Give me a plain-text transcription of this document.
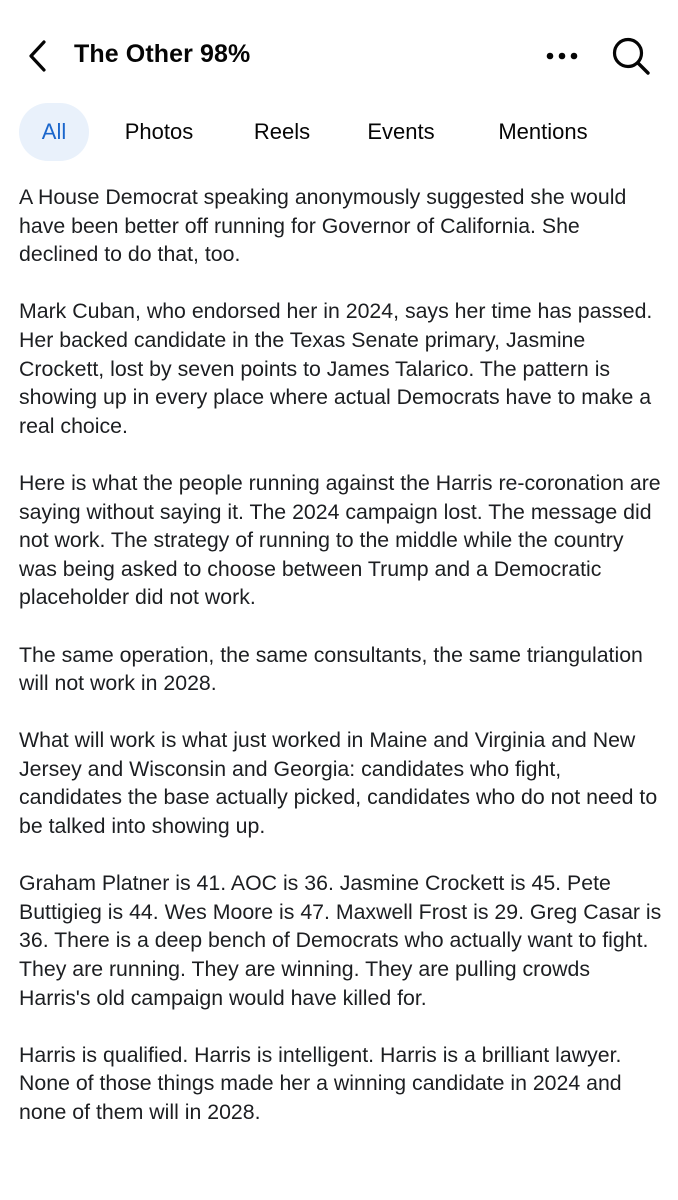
The Other 98%
All	Photos	Reels	Events	Mentions

A House Democrat speaking anonymously suggested she would have been better off running for Governor of California. She declined to do that, too.

Mark Cuban, who endorsed her in 2024, says her time has passed. Her backed candidate in the Texas Senate primary, Jasmine Crockett, lost by seven points to James Talarico. The pattern is showing up in every place where actual Democrats have to make a real choice.

Here is what the people running against the Harris re-coronation are saying without saying it. The 2024 campaign lost. The message did not work. The strategy of running to the middle while the country was being asked to choose between Trump and a Democratic placeholder did not work.

The same operation, the same consultants, the same triangulation will not work in 2028.

What will work is what just worked in Maine and Virginia and New Jersey and Wisconsin and Georgia: candidates who fight, candidates the base actually picked, candidates who do not need to be talked into showing up.

Graham Platner is 41. AOC is 36. Jasmine Crockett is 45. Pete Buttigieg is 44. Wes Moore is 47. Maxwell Frost is 29. Greg Casar is 36. There is a deep bench of Democrats who actually want to fight. They are running. They are winning. They are pulling crowds Harris's old campaign would have killed for.

Harris is qualified. Harris is intelligent. Harris is a brilliant lawyer. None of those things made her a winning candidate in 2024 and none of them will in 2028.
